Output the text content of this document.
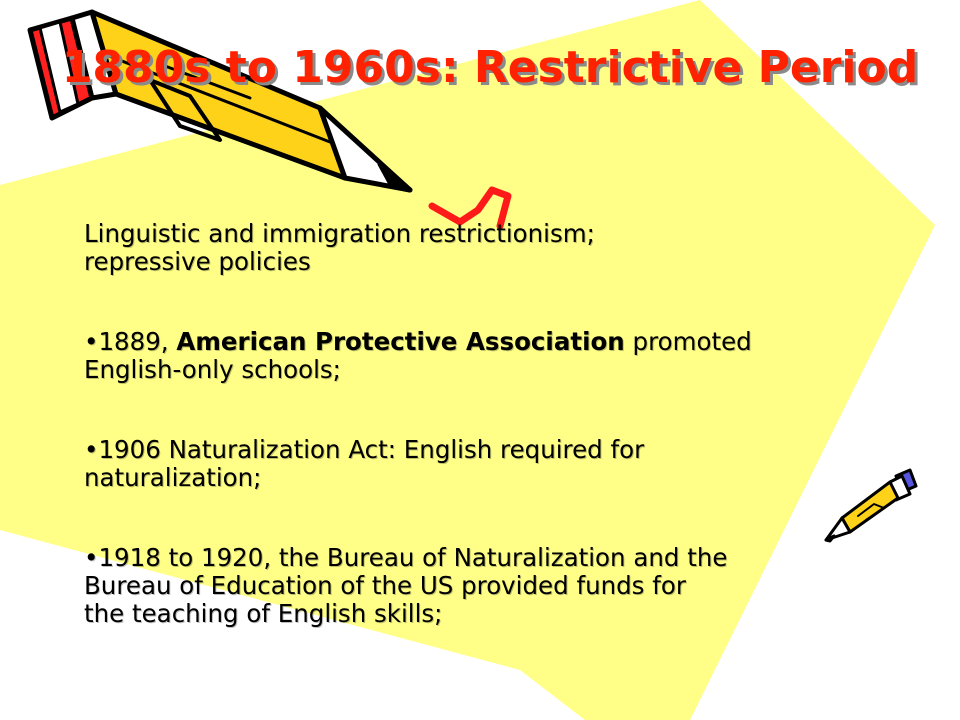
1880s to 1960s: Restrictive Period

Linguistic and immigration restrictionism;
repressive policies

•1889, American Protective Association promoted
English-only schools;

•1906 Naturalization Act: English required for
naturalization;

•1918 to 1920, the Bureau of Naturalization and the
Bureau of Education of the US provided funds for
the teaching of English skills;
